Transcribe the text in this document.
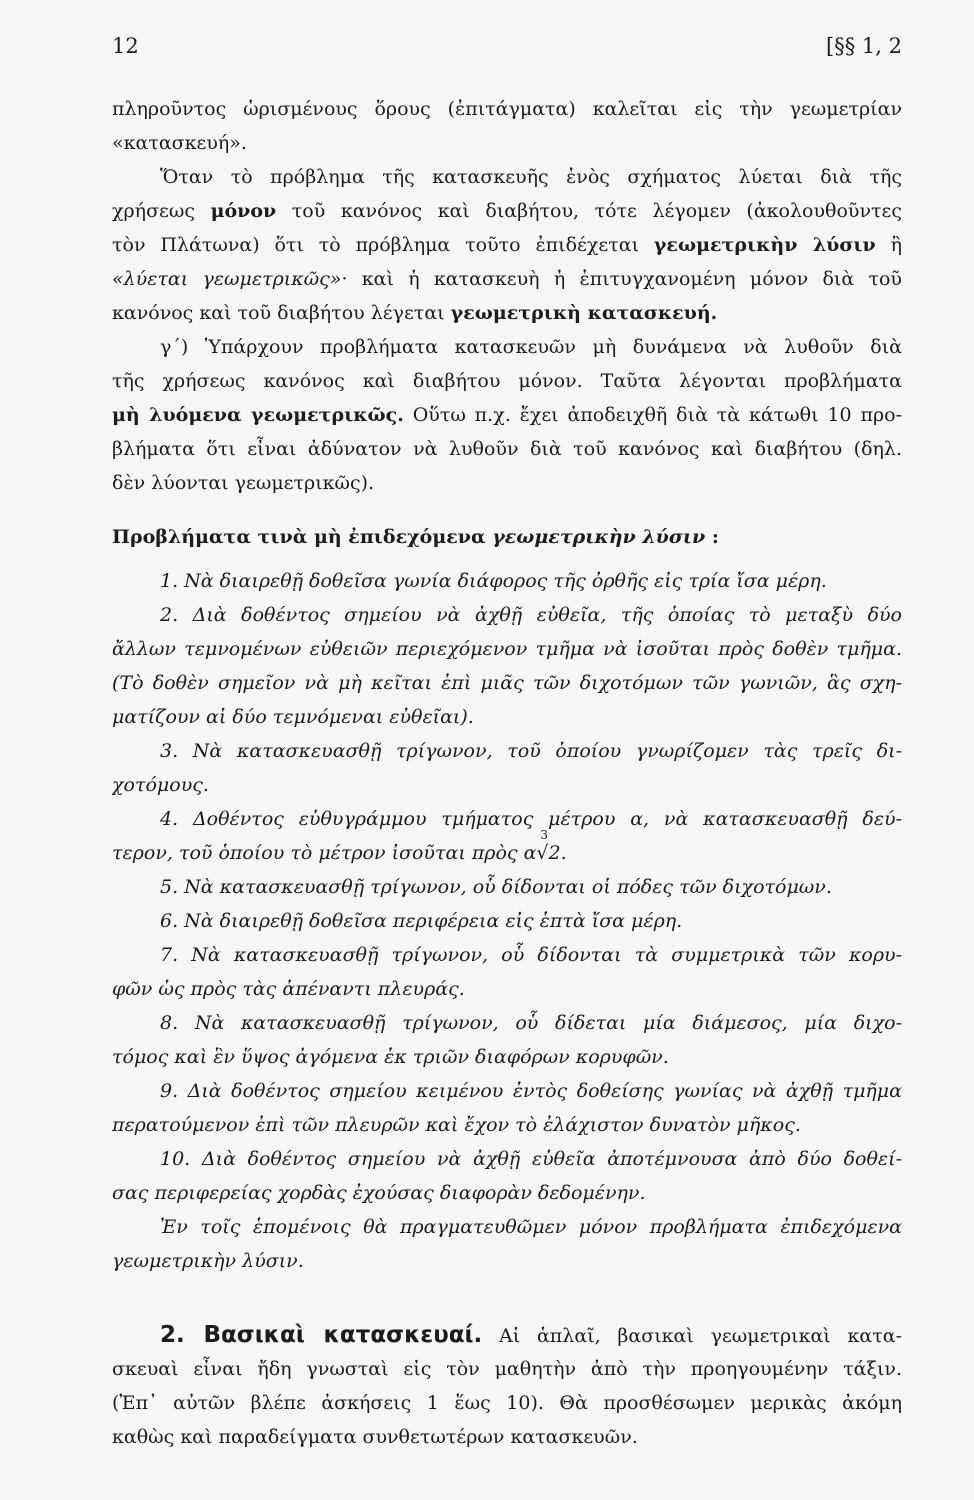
12	[§§ 1, 2
πληροῦντος ὡρισμένους ὅρους (ἐπιτάγματα) καλεῖται εἰς τὴν γεωμετρίαν
«κατασκευή».
Ὅταν τὸ πρόβλημα τῆς κατασκευῆς ἑνὸς σχήματος λύεται διὰ τῆς
χρήσεως μόνον τοῦ κανόνος καὶ διαβήτου, τότε λέγομεν (ἀκολουθοῦντες
τὸν Πλάτωνα) ὅτι τὸ πρόβλημα τοῦτο ἐπιδέχεται γεωμετρικὴν λύσιν ἢ
«λύεται γεωμετρικῶς»· καὶ ἡ κατασκευὴ ἡ ἐπιτυγχανομένη μόνον διὰ τοῦ
κανόνος καὶ τοῦ διαβήτου λέγεται γεωμετρικὴ κατασκευή.
γ΄) Ὑπάρχουν προβλήματα κατασκευῶν μὴ δυνάμενα νὰ λυθοῦν διὰ
τῆς χρήσεως κανόνος καὶ διαβήτου μόνον. Ταῦτα λέγονται προβλήματα
μὴ λυόμενα γεωμετρικῶς. Οὕτω π.χ. ἔχει ἀποδειχθῆ διὰ τὰ κάτωθι 10 προ-
βλήματα ὅτι εἶναι ἀδύνατον νὰ λυθοῦν διὰ τοῦ κανόνος καὶ διαβήτου (δηλ.
δὲν λύονται γεωμετρικῶς).
Προβλήματα τινὰ μὴ ἐπιδεχόμενα γεωμετρικὴν λύσιν :
1. Νὰ διαιρεθῇ δοθεῖσα γωνία διάφορος τῆς ὀρθῆς εἰς τρία ἴσα μέρη.
2. Διὰ δοθέντος σημείου νὰ ἀχθῇ εὐθεῖα, τῆς ὁποίας τὸ μεταξὺ δύο
ἄλλων τεμνομένων εὐθειῶν περιεχόμενον τμῆμα νὰ ἰσοῦται πρὸς δοθὲν τμῆμα.
(Τὸ δοθὲν σημεῖον νὰ μὴ κεῖται ἐπὶ μιᾶς τῶν διχοτόμων τῶν γωνιῶν, ἃς σχη-
ματίζουν αἱ δύο τεμνόμεναι εὐθεῖαι).
3. Νὰ κατασκευασθῇ τρίγωνον, τοῦ ὁποίου γνωρίζομεν τὰς τρεῖς δι-
χοτόμους.
4. Δοθέντος εὐθυγράμμου τμήματος μέτρου α, νὰ κατασκευασθῇ δεύ-
τερον, τοῦ ὁποίου τὸ μέτρον ἰσοῦται πρὸς α
3
√2.
5. Νὰ κατασκευασθῇ τρίγωνον, οὗ δίδονται οἱ πόδες τῶν διχοτόμων.
6. Νὰ διαιρεθῇ δοθεῖσα περιφέρεια εἰς ἑπτὰ ἴσα μέρη.
7. Νὰ κατασκευασθῇ τρίγωνον, οὗ δίδονται τὰ συμμετρικὰ τῶν κορυ-
φῶν ὡς πρὸς τὰς ἀπέναντι πλευράς.
8. Νὰ κατασκευασθῇ τρίγωνον, οὗ δίδεται μία διάμεσος, μία διχο-
τόμος καὶ ἓν ὕψος ἀγόμενα ἐκ τριῶν διαφόρων κορυφῶν.
9. Διὰ δοθέντος σημείου κειμένου ἐντὸς δοθείσης γωνίας νὰ ἀχθῇ τμῆμα
περατούμενον ἐπὶ τῶν πλευρῶν καὶ ἔχον τὸ ἐλάχιστον δυνατὸν μῆκος.
10. Διὰ δοθέντος σημείου νὰ ἀχθῇ εὐθεῖα ἀποτέμνουσα ἀπὸ δύο δοθεί-
σας περιφερείας χορδὰς ἐχούσας διαφορὰν δεδομένην.
Ἐν τοῖς ἑπομένοις θὰ πραγματευθῶμεν μόνον προβλήματα ἐπιδεχόμενα
γεωμετρικὴν λύσιν.
2. Βασικαὶ κατασκευαί. Αἱ ἁπλαῖ, βασικαὶ γεωμετρικαὶ κατα-
σκευαὶ εἶναι ἤδη γνωσταὶ εἰς τὸν μαθητὴν ἀπὸ τὴν προηγουμένην τάξιν.
(Ἐπ᾿ αὐτῶν βλέπε ἀσκήσεις 1 ἕως 10). Θὰ προσθέσωμεν μερικὰς ἀκόμη
καθὼς καὶ παραδείγματα συνθετωτέρων κατασκευῶν.
